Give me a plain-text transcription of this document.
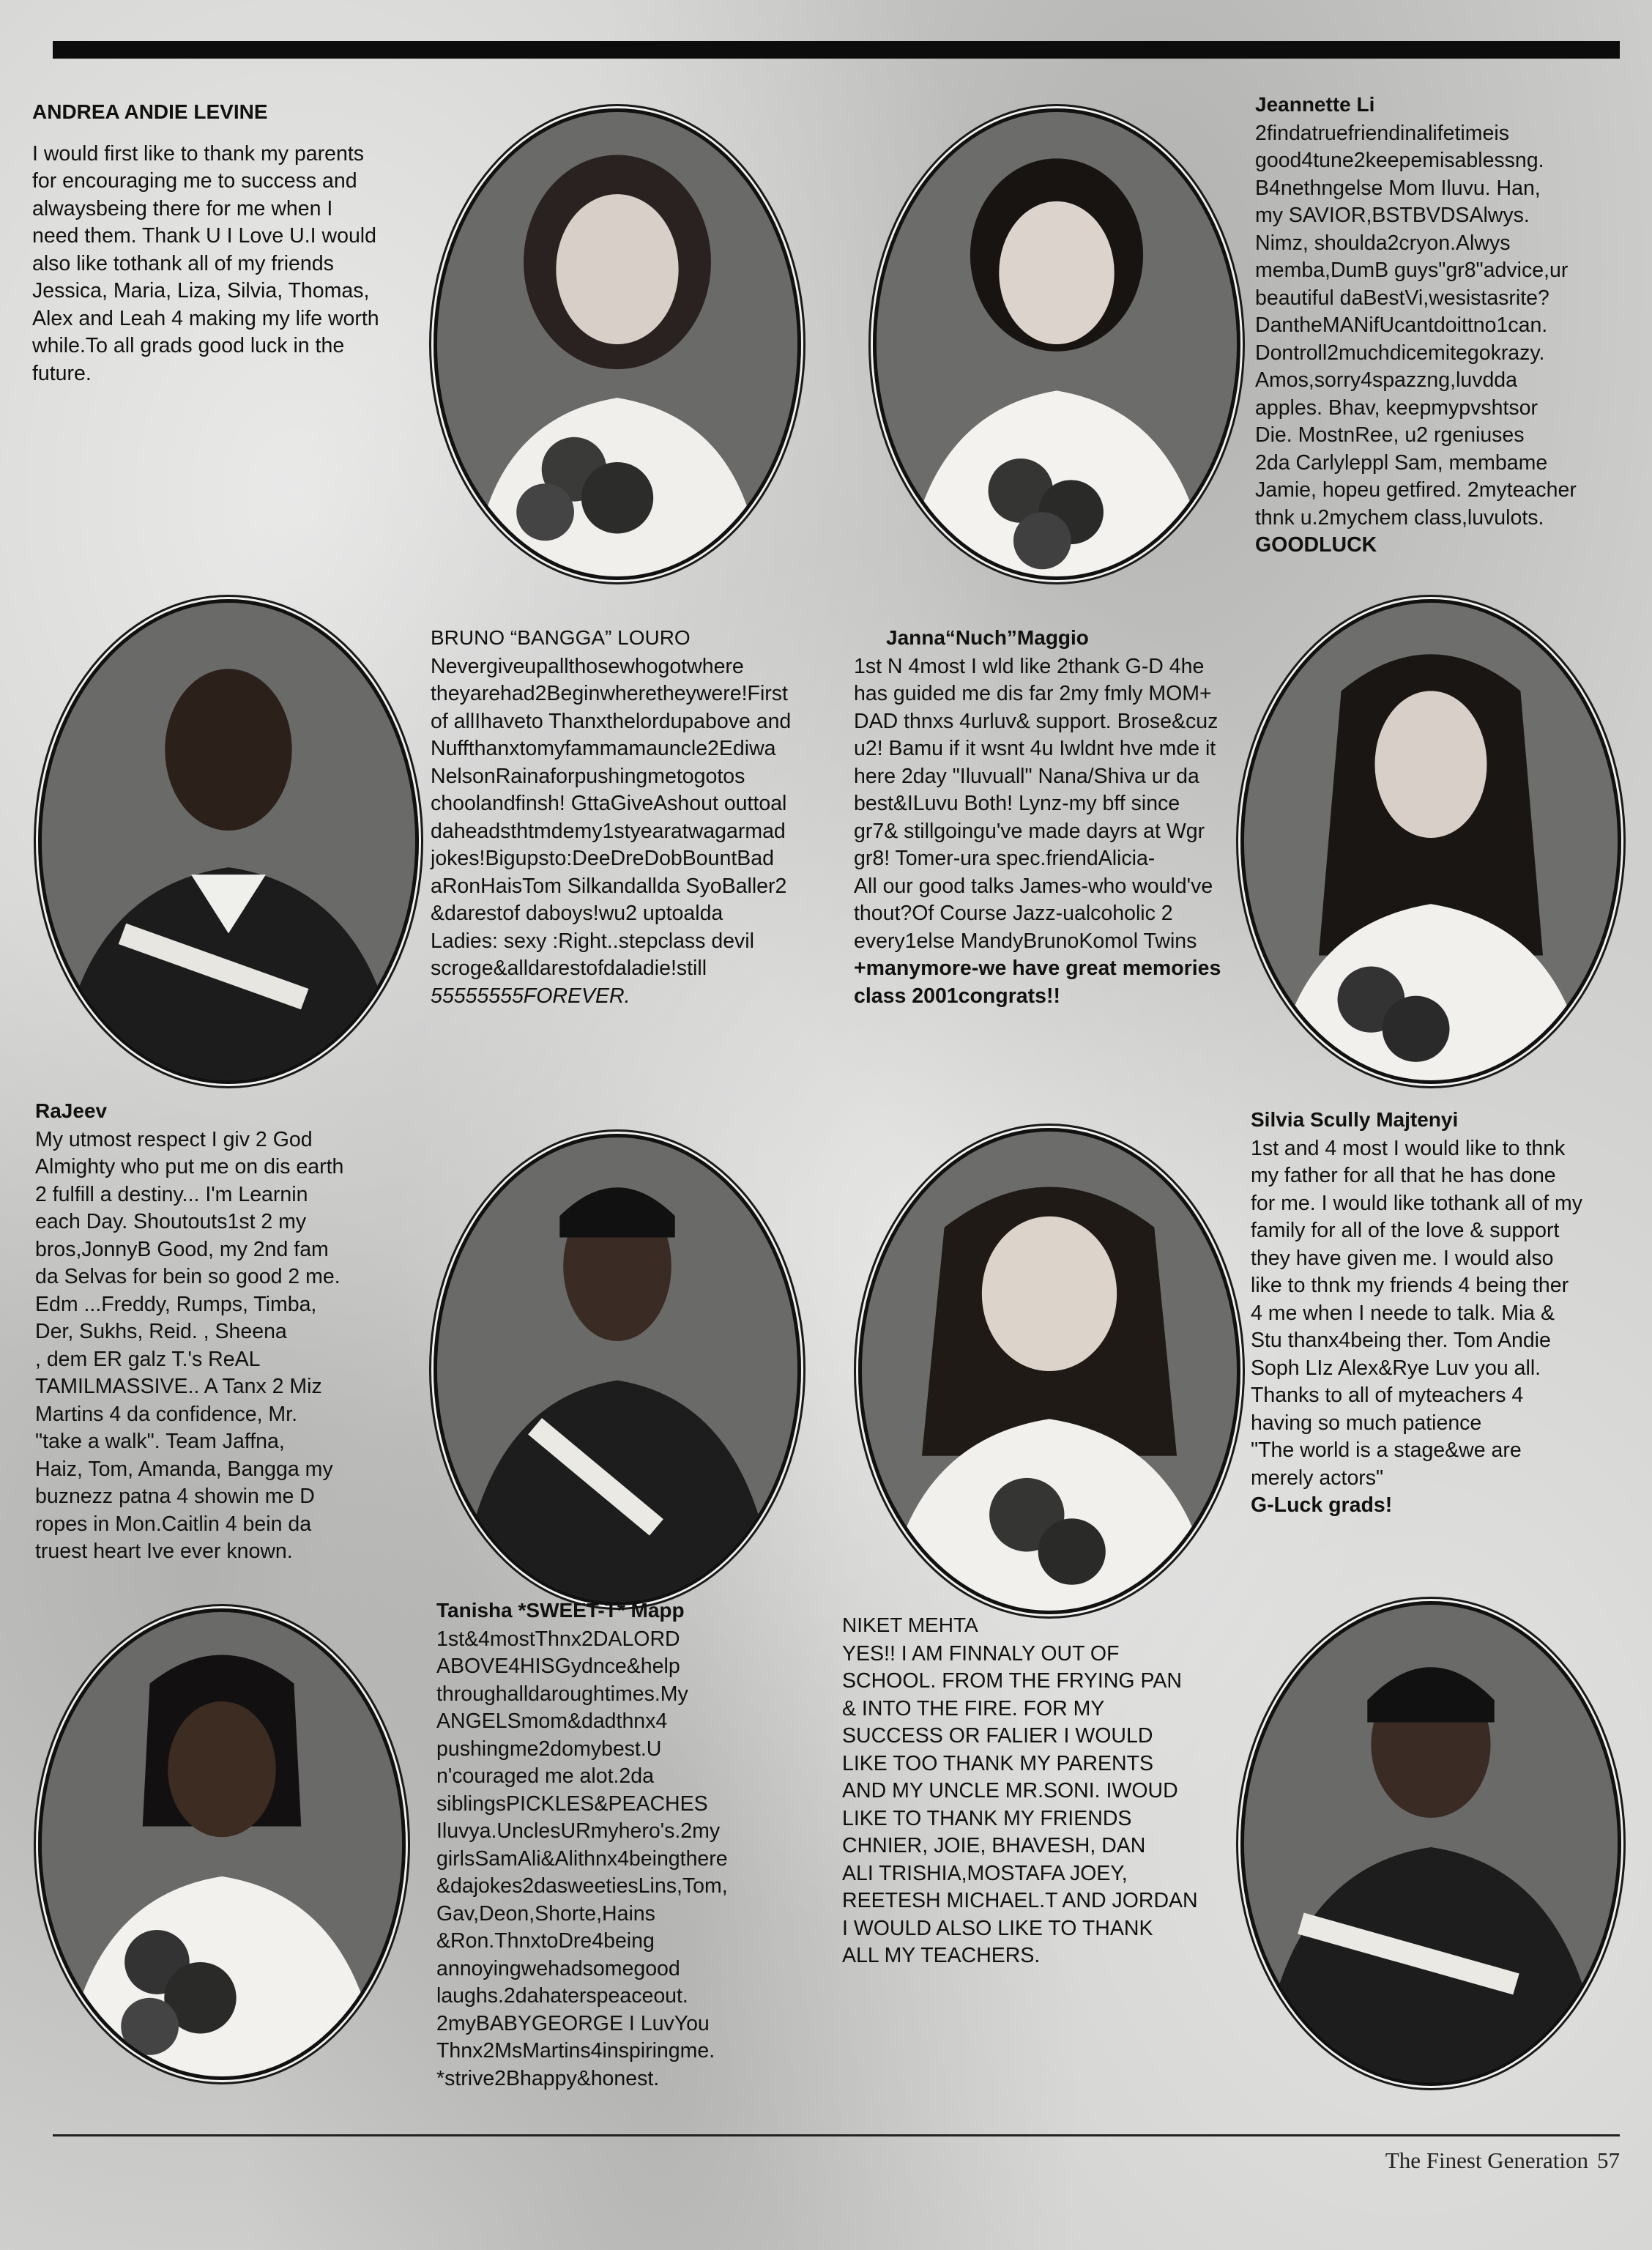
ANDREA ANDIE LEVINE
I would first like to thank my parents
for encouraging me to success and
alwaysbeing there for me when I
need them. Thank U I Love U.I would
also like tothank all of my friends
Jessica, Maria, Liza, Silvia, Thomas,
Alex and Leah 4 making my life worth
while.To all grads good luck in the
future.
Jeannette Li
2findatruefriendinalifetimeis
good4tune2keepemisablessng.
B4nethngelse Mom Iluvu. Han,
my SAVIOR,BSTBVDSAlwys.
Nimz, shoulda2cryon.Alwys
memba,DumB guys"gr8"advice,ur
beautiful daBestVi,wesistasrite?
DantheMANifUcantdoittno1can.
Dontroll2muchdicemitegokrazy.
Amos,sorry4spazzng,luvdda
apples. Bhav, keepmypvshtsor
Die. MostnRee, u2 rgeniuses
2da Carlyleppl Sam, membame
Jamie, hopeu getfired. 2myteacher
thnk u.2mychem class,luvulots.
GOODLUCK
BRUNO “BANGGA” LOURO
Nevergiveupallthosewhogotwhere
theyarehad2Beginwheretheywere!First
of allIhaveto Thanxthelordupabove and
Nuffthanxtomyfammamauncle2Ediwa
NelsonRainaforpushingmetogotos
choolandfinsh! GttaGiveAshout outtoal
daheadsthtmdemy1styearatwagarmad
jokes!Bigupsto:DeeDreDobBountBad
aRonHaisTom Silkandallda SyoBaller2
&darestof daboys!wu2 uptoalda
Ladies: sexy :Right..stepclass devil
scroge&alldarestofdaladie!still
55555555FOREVER.
Janna“Nuch”Maggio
1st N 4most I wld like 2thank G-D 4he
has guided me dis far 2my fmly MOM+
DAD thnxs 4urluv& support. Brose&cuz
u2! Bamu if it wsnt 4u Iwldnt hve mde it
here 2day "Iluvuall" Nana/Shiva ur da
best&ILuvu Both! Lynz-my bff since
gr7& stillgoingu've made dayrs at Wgr
gr8! Tomer-ura spec.friendAlicia-
All our good talks James-who would've
thout?Of Course Jazz-ualcoholic 2
every1else MandyBrunoKomol Twins
+manymore-we have great memories
class 2001congrats!!
RaJeev
My utmost respect I giv 2 God
Almighty who put me on dis earth
2 fulfill a destiny... I'm Learnin
each Day. Shoutouts1st 2 my
bros,JonnyB Good, my 2nd fam
da Selvas for bein so good 2 me.
Edm ...Freddy, Rumps, Timba,
Der, Sukhs, Reid. , Sheena
, dem ER galz T.'s ReAL
TAMILMASSIVE.. A Tanx 2 Miz
Martins 4 da confidence, Mr.
"take a walk". Team Jaffna,
Haiz, Tom, Amanda, Bangga my
buznezz patna 4 showin me D
ropes in Mon.Caitlin 4 bein da
truest heart Ive ever known.
Silvia Scully Majtenyi
1st and 4 most I would like to thnk
my father for all that he has done
for me. I would like tothank all of my
family for all of the love & support
they have given me. I would also
like to thnk my friends 4 being ther
4 me when I neede to talk. Mia &
Stu thanx4being ther. Tom Andie
Soph LIz Alex&Rye Luv you all.
Thanks to all of myteachers 4
having so much patience
"The world is a stage&we are
merely actors"
G-Luck grads!
Tanisha *SWEET-T* Mapp
1st&4mostThnx2DALORD
ABOVE4HISGydnce&help
throughalldaroughtimes.My
ANGELSmom&dadthnx4
pushingme2domybest.U
n'couraged me alot.2da
siblingsPICKLES&PEACHES
Iluvya.UnclesURmyhero's.2my
girlsSamAli&Alithnx4beingthere
&dajokes2dasweetiesLins,Tom,
Gav,Deon,Shorte,Hains
&Ron.ThnxtoDre4being
annoyingwehadsomegood
laughs.2dahaterspeaceout.
2myBABYGEORGE I LuvYou
Thnx2MsMartins4inspiringme.
*strive2Bhappy&honest.
NIKET MEHTA
YES!! I AM FINNALY OUT OF
SCHOOL. FROM THE FRYING PAN
& INTO THE FIRE. FOR MY
SUCCESS OR FALIER I WOULD
LIKE TOO THANK MY PARENTS
AND MY UNCLE MR.SONI. IWOUD
LIKE TO THANK MY FRIENDS
CHNIER, JOIE, BHAVESH, DAN
ALI TRISHIA,MOSTAFA JOEY,
REETESH MICHAEL.T AND JORDAN
I WOULD ALSO LIKE TO THANK
ALL MY TEACHERS.
The Finest Generation 57
